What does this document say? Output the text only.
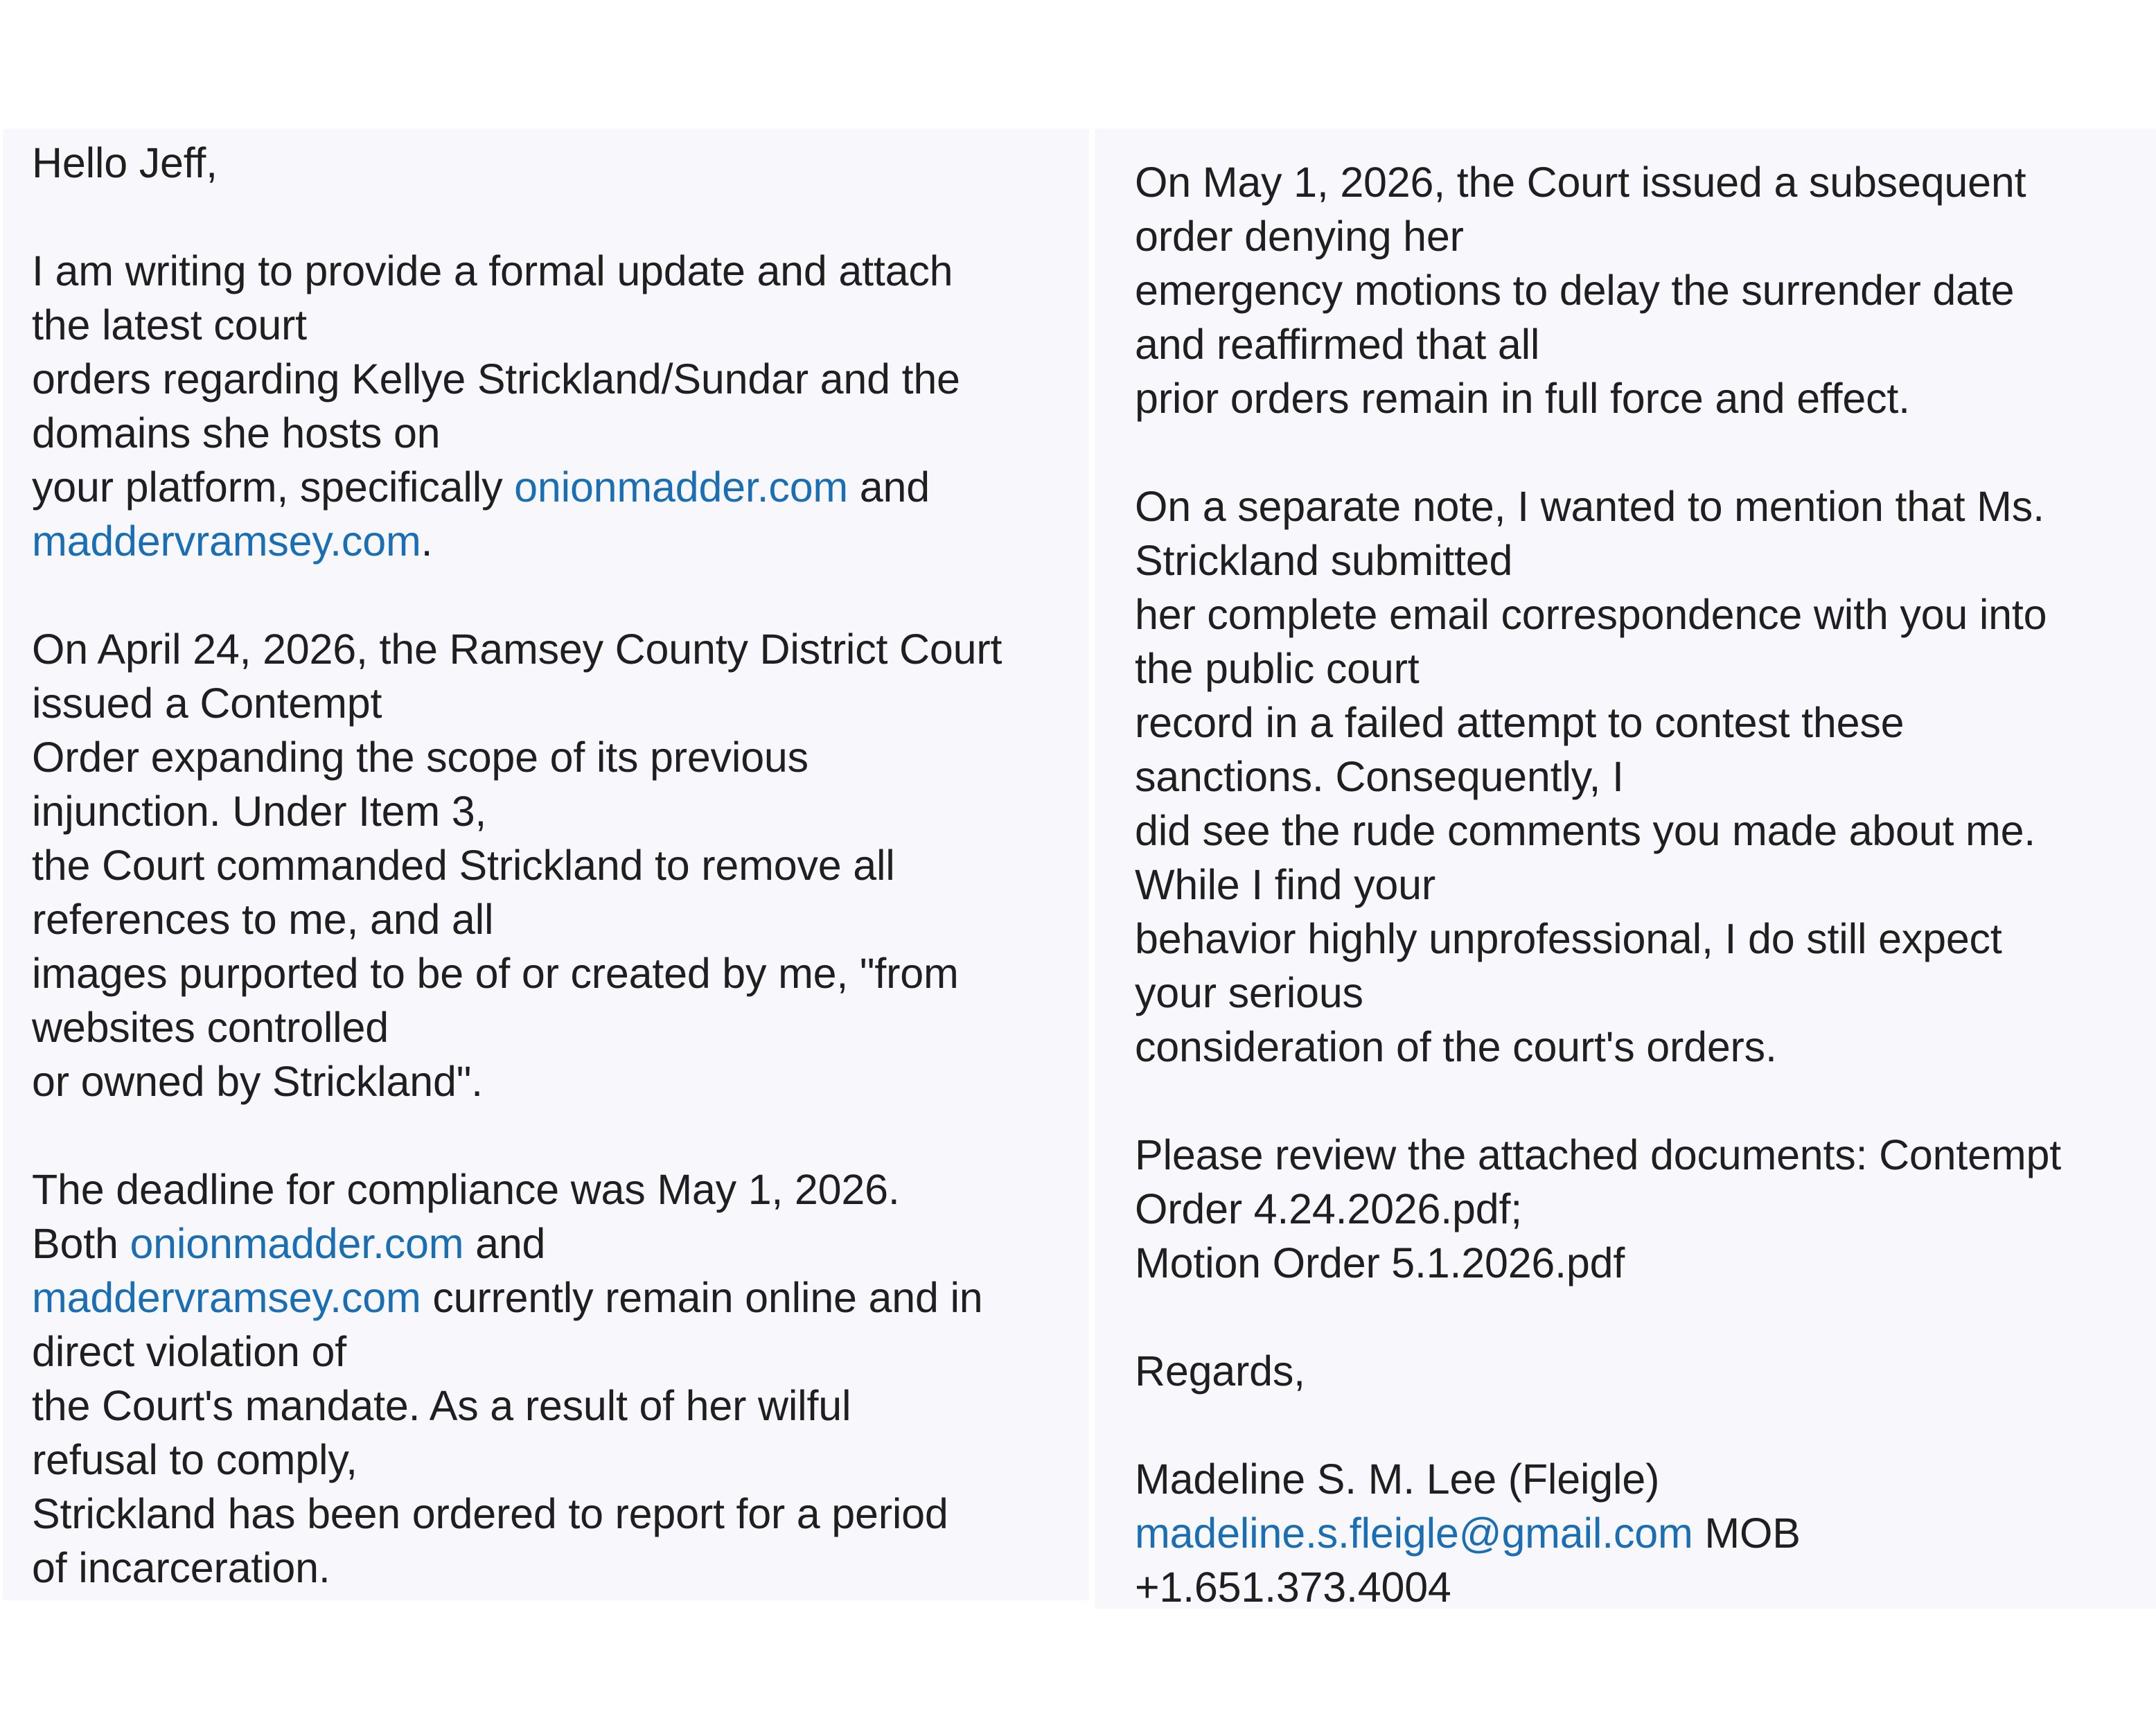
Hello Jeff,
I am writing to provide a formal update and attach
the latest court
orders regarding Kellye Strickland/Sundar and the
domains she hosts on
your platform, specifically onionmadder.com and
maddervramsey.com.
On April 24, 2026, the Ramsey County District Court
issued a Contempt
Order expanding the scope of its previous
injunction. Under Item 3,
the Court commanded Strickland to remove all
references to me, and all
images purported to be of or created by me, "from
websites controlled
or owned by Strickland".
The deadline for compliance was May 1, 2026.
Both onionmadder.com and
maddervramsey.com currently remain online and in
direct violation of
the Court's mandate. As a result of her wilful
refusal to comply,
Strickland has been ordered to report for a period
of incarceration.
On May 1, 2026, the Court issued a subsequent
order denying her
emergency motions to delay the surrender date
and reaffirmed that all
prior orders remain in full force and effect.
On a separate note, I wanted to mention that Ms.
Strickland submitted
her complete email correspondence with you into
the public court
record in a failed attempt to contest these
sanctions. Consequently, I
did see the rude comments you made about me.
While I find your
behavior highly unprofessional, I do still expect
your serious
consideration of the court's orders.
Please review the attached documents: Contempt
Order 4.24.2026.pdf;
Motion Order 5.1.2026.pdf
Regards,
Madeline S. M. Lee (Fleigle)
madeline.s.fleigle@gmail.com MOB
+1.651.373.4004
